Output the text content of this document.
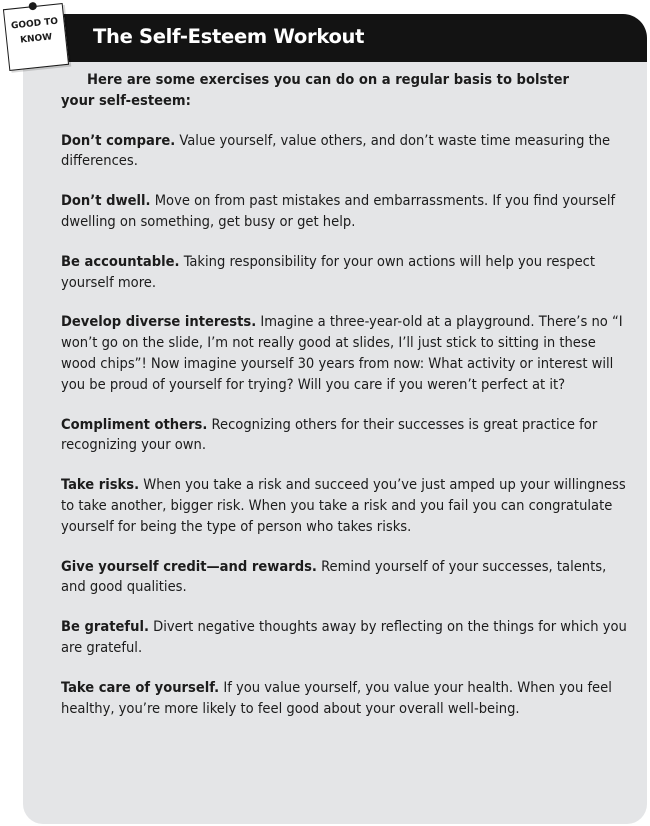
GOOD TO
KNOW	The Self-Esteem Workout

Here are some exercises you can do on a regular basis to bolster
your self-esteem:

Don’t compare. Value yourself, value others, and don’t waste time measuring the differences.

Don’t dwell. Move on from past mistakes and embarrassments. If you find yourself dwelling on something, get busy or get help.

Be accountable. Taking responsibility for your own actions will help you respect yourself more.

Develop diverse interests. Imagine a three-year-old at a playground. There’s no “I won’t go on the slide, I’m not really good at slides, I’ll just stick to sitting in these wood chips”! Now imagine yourself 30 years from now: What activity or interest will you be proud of yourself for trying? Will you care if you weren’t perfect at it?

Compliment others. Recognizing others for their successes is great practice for recognizing your own.

Take risks. When you take a risk and succeed you’ve just amped up your willingness to take another, bigger risk. When you take a risk and you fail you can congratulate yourself for being the type of person who takes risks.

Give yourself credit—and rewards. Remind yourself of your successes, talents, and good qualities.

Be grateful. Divert negative thoughts away by reflecting on the things for which you are grateful.

Take care of yourself. If you value yourself, you value your health. When you feel healthy, you’re more likely to feel good about your overall well-being.
